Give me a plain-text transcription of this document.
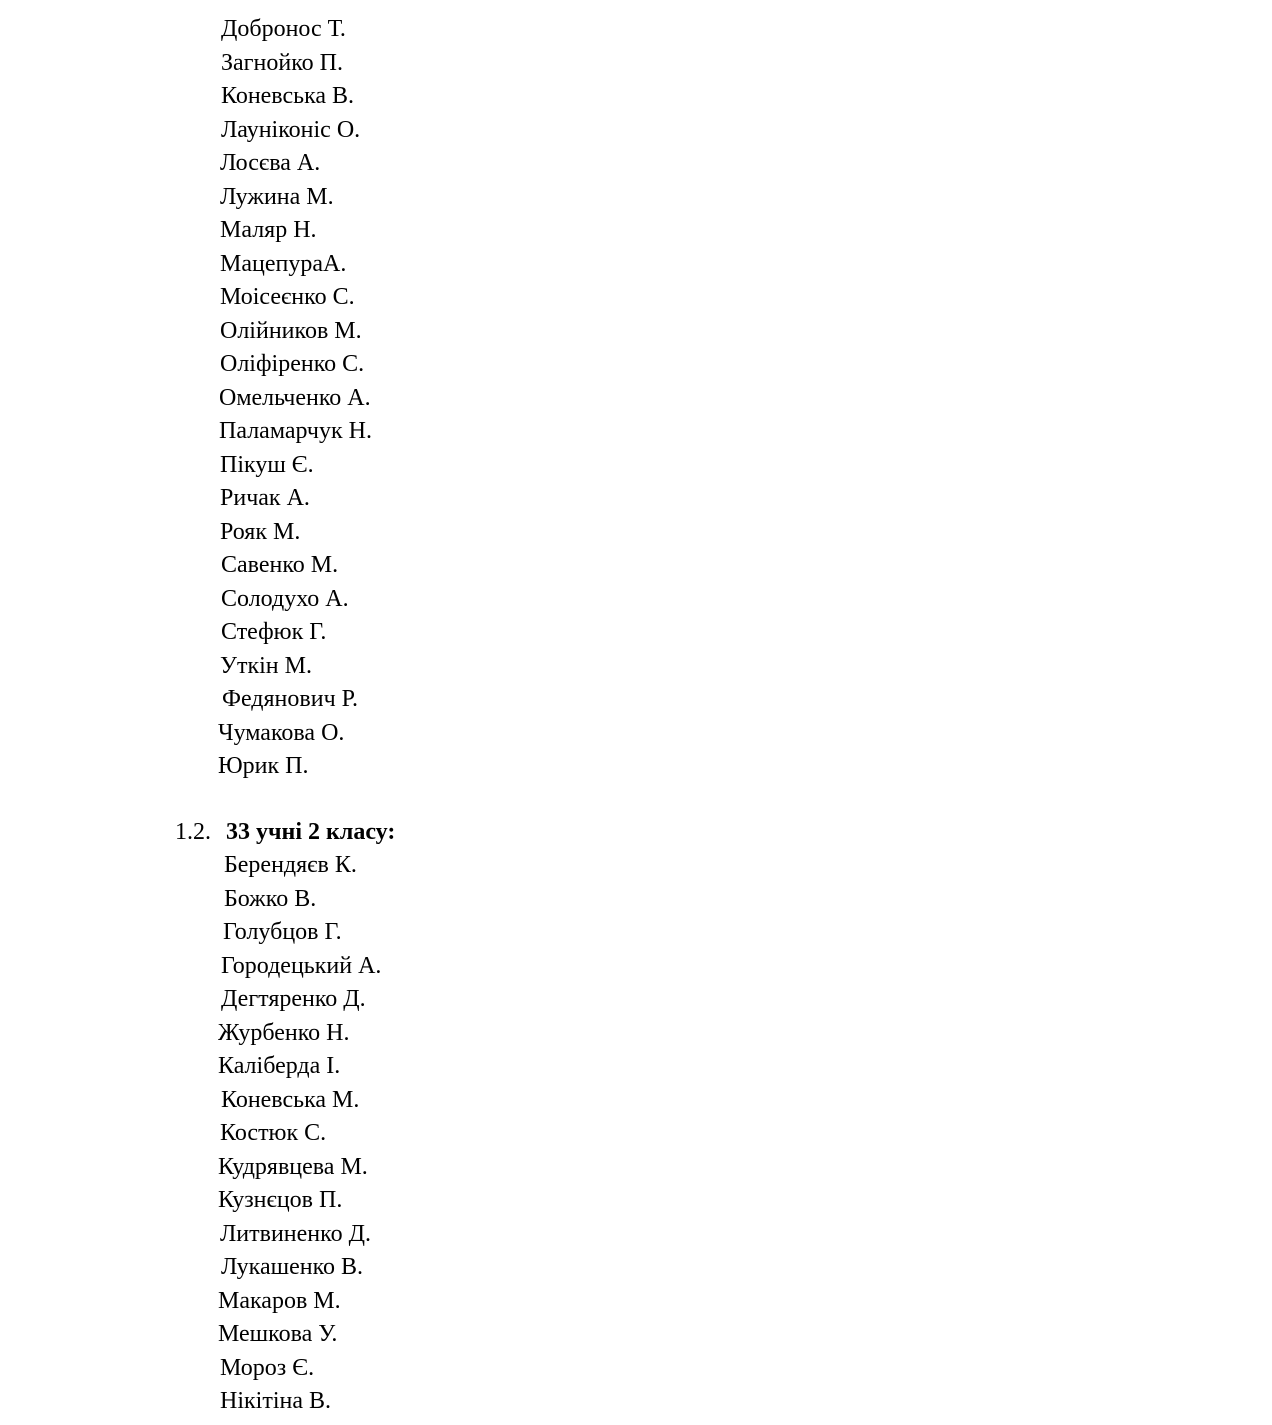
Добронос Т.
Загнойко П.
Коневська В.
Лауніконіс О.
Лосєва А.
Лужина М.
Маляр Н.
МацепураА.
Моісеєнко С.
Олійников М.
Оліфіренко С.
Омельченко А.
Паламарчук Н.
Пікуш Є.
Ричак А.
Рояк М.
Савенко М.
Солодухо А.
Стефюк Г.
Уткін М.
Федянович Р.
Чумакова О.
Юрик П.
1.2. 33 учні 2 класу:
Берендяєв К.
Божко В.
Голубцов Г.
Городецький А.
Дегтяренко Д.
Журбенко Н.
Каліберда І.
Коневська М.
Костюк С.
Кудрявцева М.
Кузнєцов П.
Литвиненко Д.
Лукашенко В.
Макаров М.
Мешкова У.
Мороз Є.
Нікітіна В.
